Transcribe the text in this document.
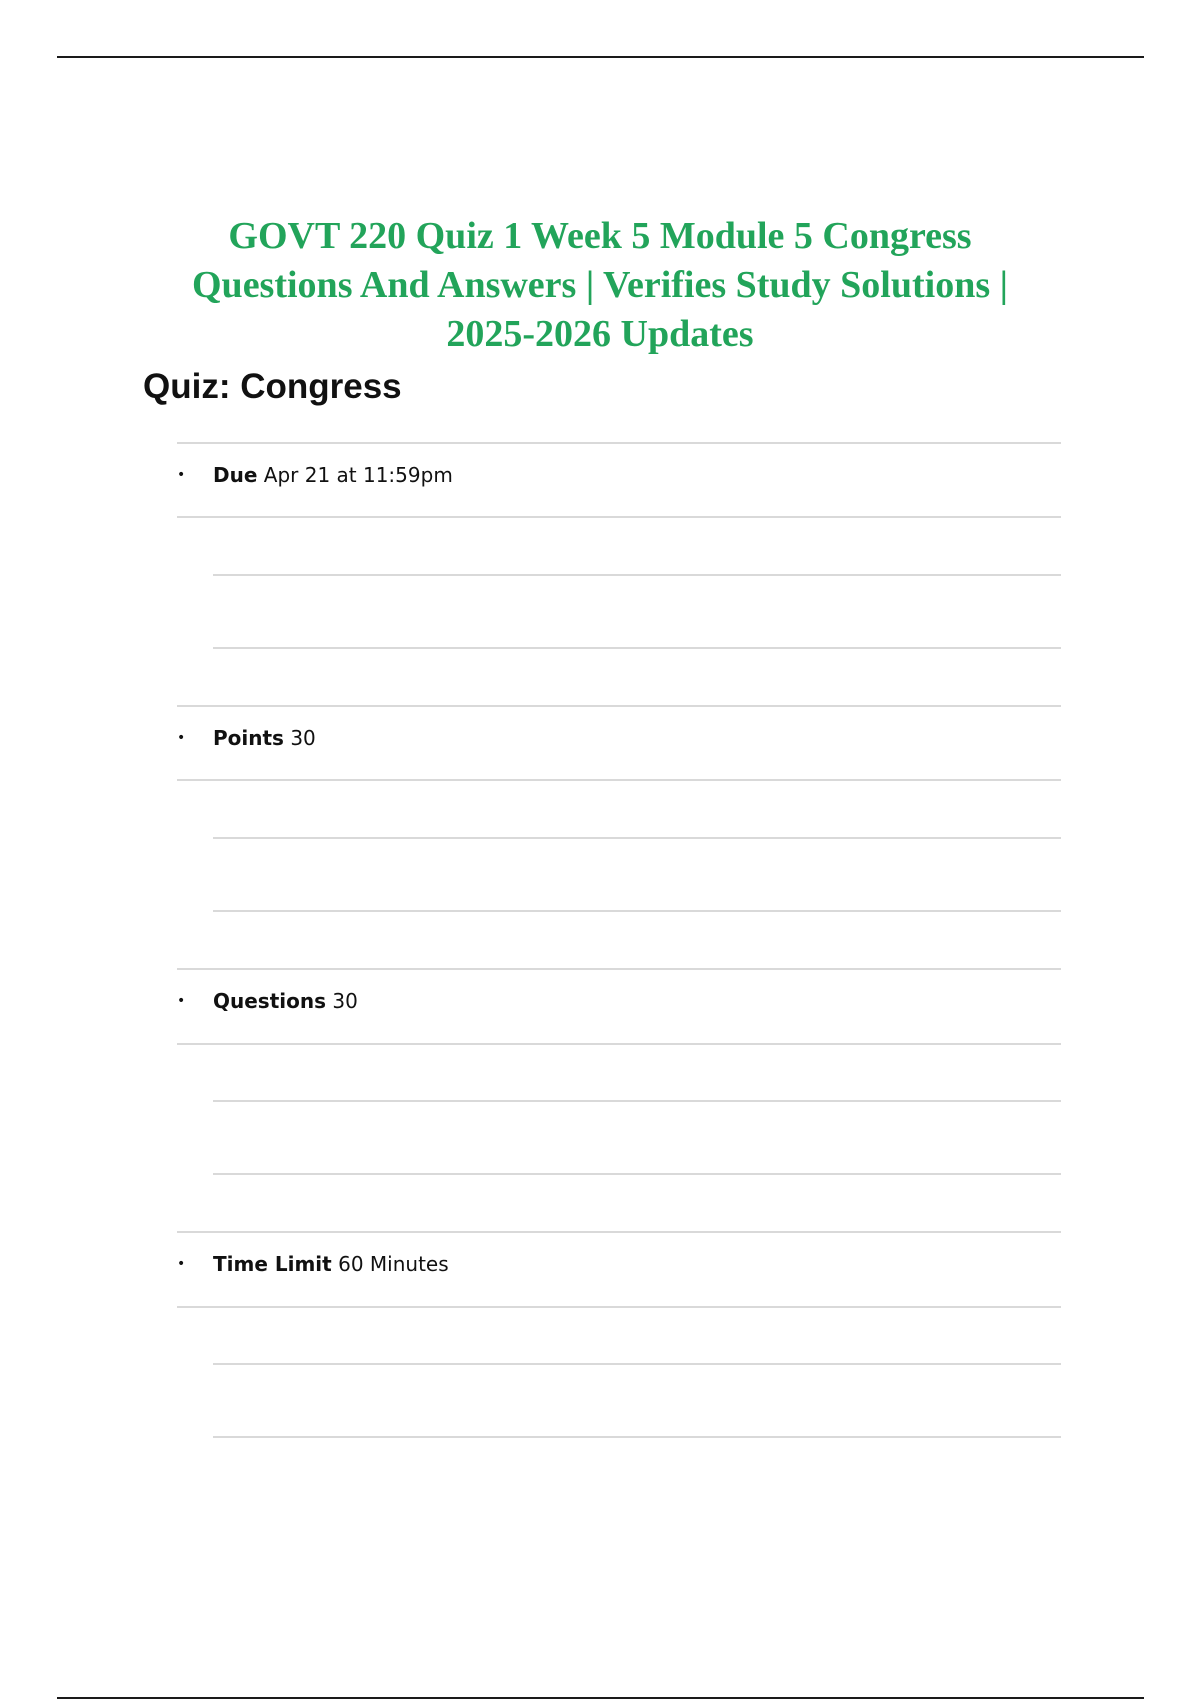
GOVT 220 Quiz 1 Week 5 Module 5 Congress
Questions And Answers | Verifies Study Solutions |
2025-2026 Updates
Quiz: Congress
• Due Apr 21 at 11:59pm
• Points 30
• Questions 30
• Time Limit 60 Minutes
